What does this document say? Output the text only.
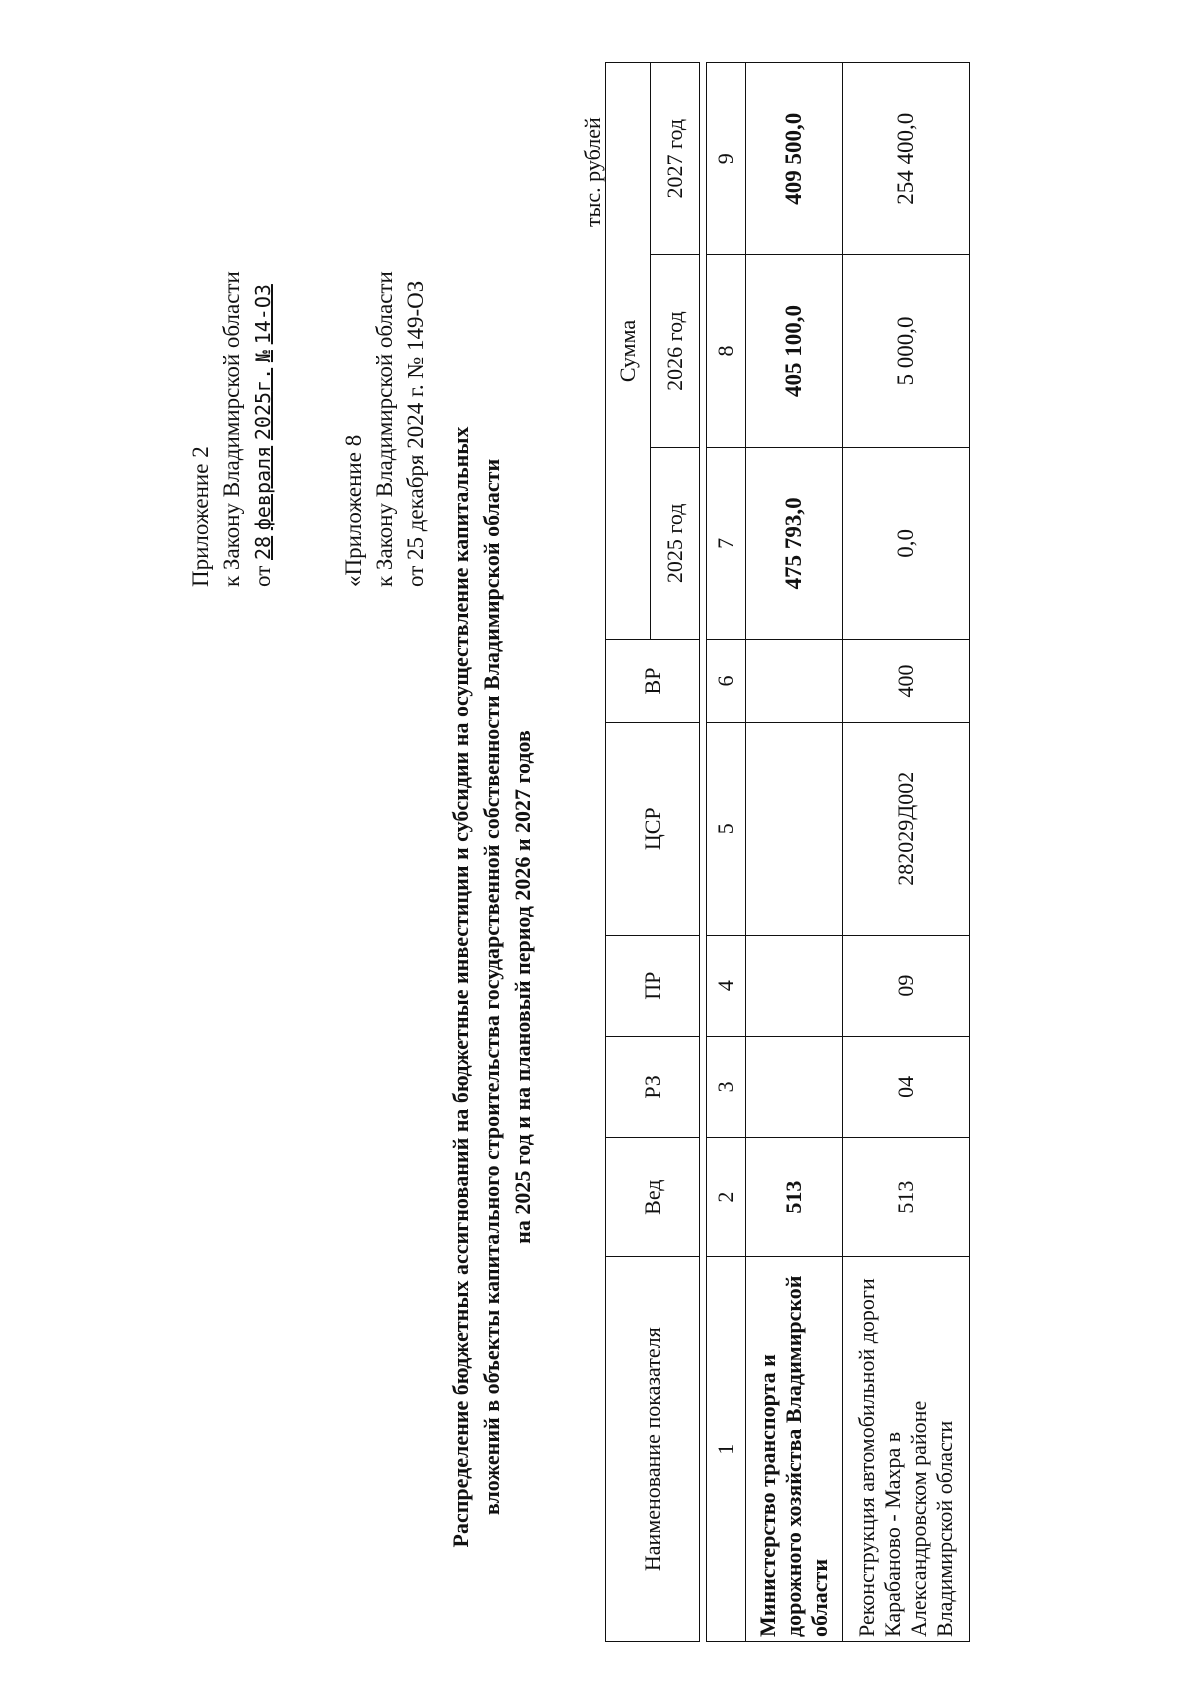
Приложение 2 к Закону Владимирской области от 28 февраля 2025г. № 14-ОЗ
«Приложение 8 к Закону Владимирской области от 25 декабря 2024 г. № 149-ОЗ Распределение бюджетных ассигнований на бюджетные инвестиции и субсидии на осуществление капитальных вложений в объекты капитального строительства государственной собственности Владимирской области на 2025 год и на плановый период 2026 и 2027 годов
тыс. рублей
Наименование показателя	Вед	РЗ	ПР	ЦСР	ВР	Сумма		
						2025 год	2026 год	2027 год

1	2	3	4	5	6	7	8	9
Министерство транспорта и дорожного хозяйства Владимирской области	513					475 793,0	405 100,0	409 500,0
Реконструкция автомобильной дороги Карабаново - Махра в Александровском районе Владимирской области	513	04	09	282029Д002	400	0,0	5 000,0	254 400,0
